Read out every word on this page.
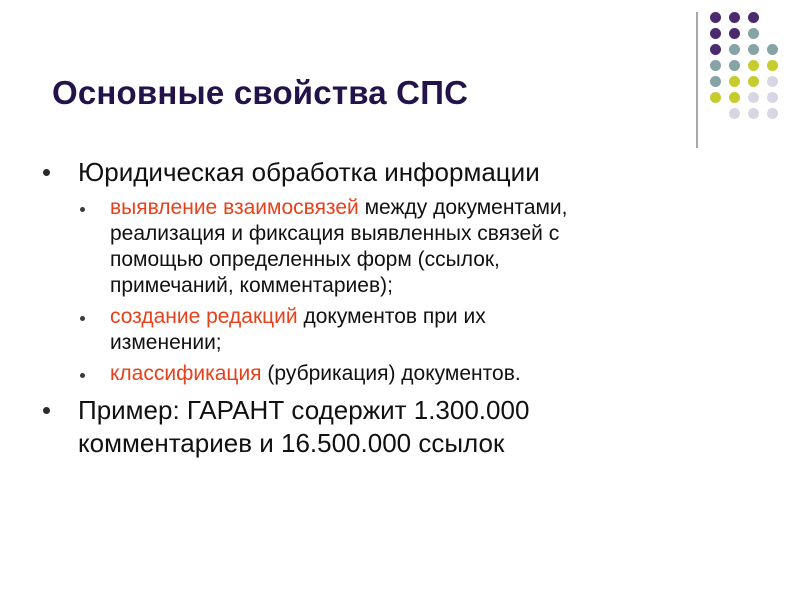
Основные свойства СПС
Юридическая обработка информации
выявление взаимосвязей между документами,
реализация и фиксация выявленных связей с
помощью определенных форм (ссылок,
примечаний, комментариев);
создание редакций документов при их
изменении;
классификация (рубрикация) документов.
Пример: ГАРАНТ содержит 1.300.000
комментариев и 16.500.000 ссылок
